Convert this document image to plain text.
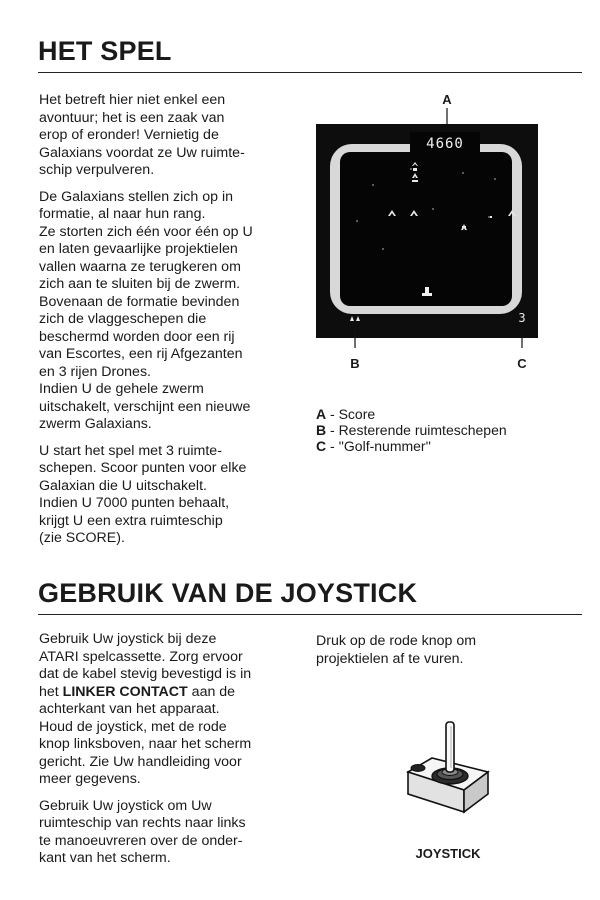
HET SPEL

Het betreft hier niet enkel een
avontuur; het is een zaak van
erop of eronder! Vernietig de
Galaxians voordat ze Uw ruimte-
schip verpulveren.

De Galaxians stellen zich op in
formatie, al naar hun rang.
Ze storten zich één voor één op U
en laten gevaarlijke projektielen
vallen waarna ze terugkeren om
zich aan te sluiten bij de zwerm.
Bovenaan de formatie bevinden
zich de vlaggeschepen die
beschermd worden door een rij
van Escortes, een rij Afgezanten
en 3 rijen Drones.
Indien U de gehele zwerm
uitschakelt, verschijnt een nieuwe
zwerm Galaxians.

U start het spel met 3 ruimte-
schepen. Scoor punten voor elke
Galaxian die U uitschakelt.
Indien U 7000 punten behaalt,
krijgt U een extra ruimteschip
(zie SCORE).

A
4660
3
B	C
A - Score
B - Resterende ruimteschepen
C - ''Golf-nummer''
GEBRUIK VAN DE JOYSTICK

Gebruik Uw joystick bij deze
ATARI spelcassette. Zorg ervoor
dat de kabel stevig bevestigd is in
het LINKER CONTACT aan de
achterkant van het apparaat.
Houd de joystick, met de rode
knop linksboven, naar het scherm
gericht. Zie Uw handleiding voor
meer gegevens.

Gebruik Uw joystick om Uw
ruimteschip van rechts naar links
te manoeuvreren over de onder-
kant van het scherm.

Druk op de rode knop om
projektielen af te vuren.

JOYSTICK
